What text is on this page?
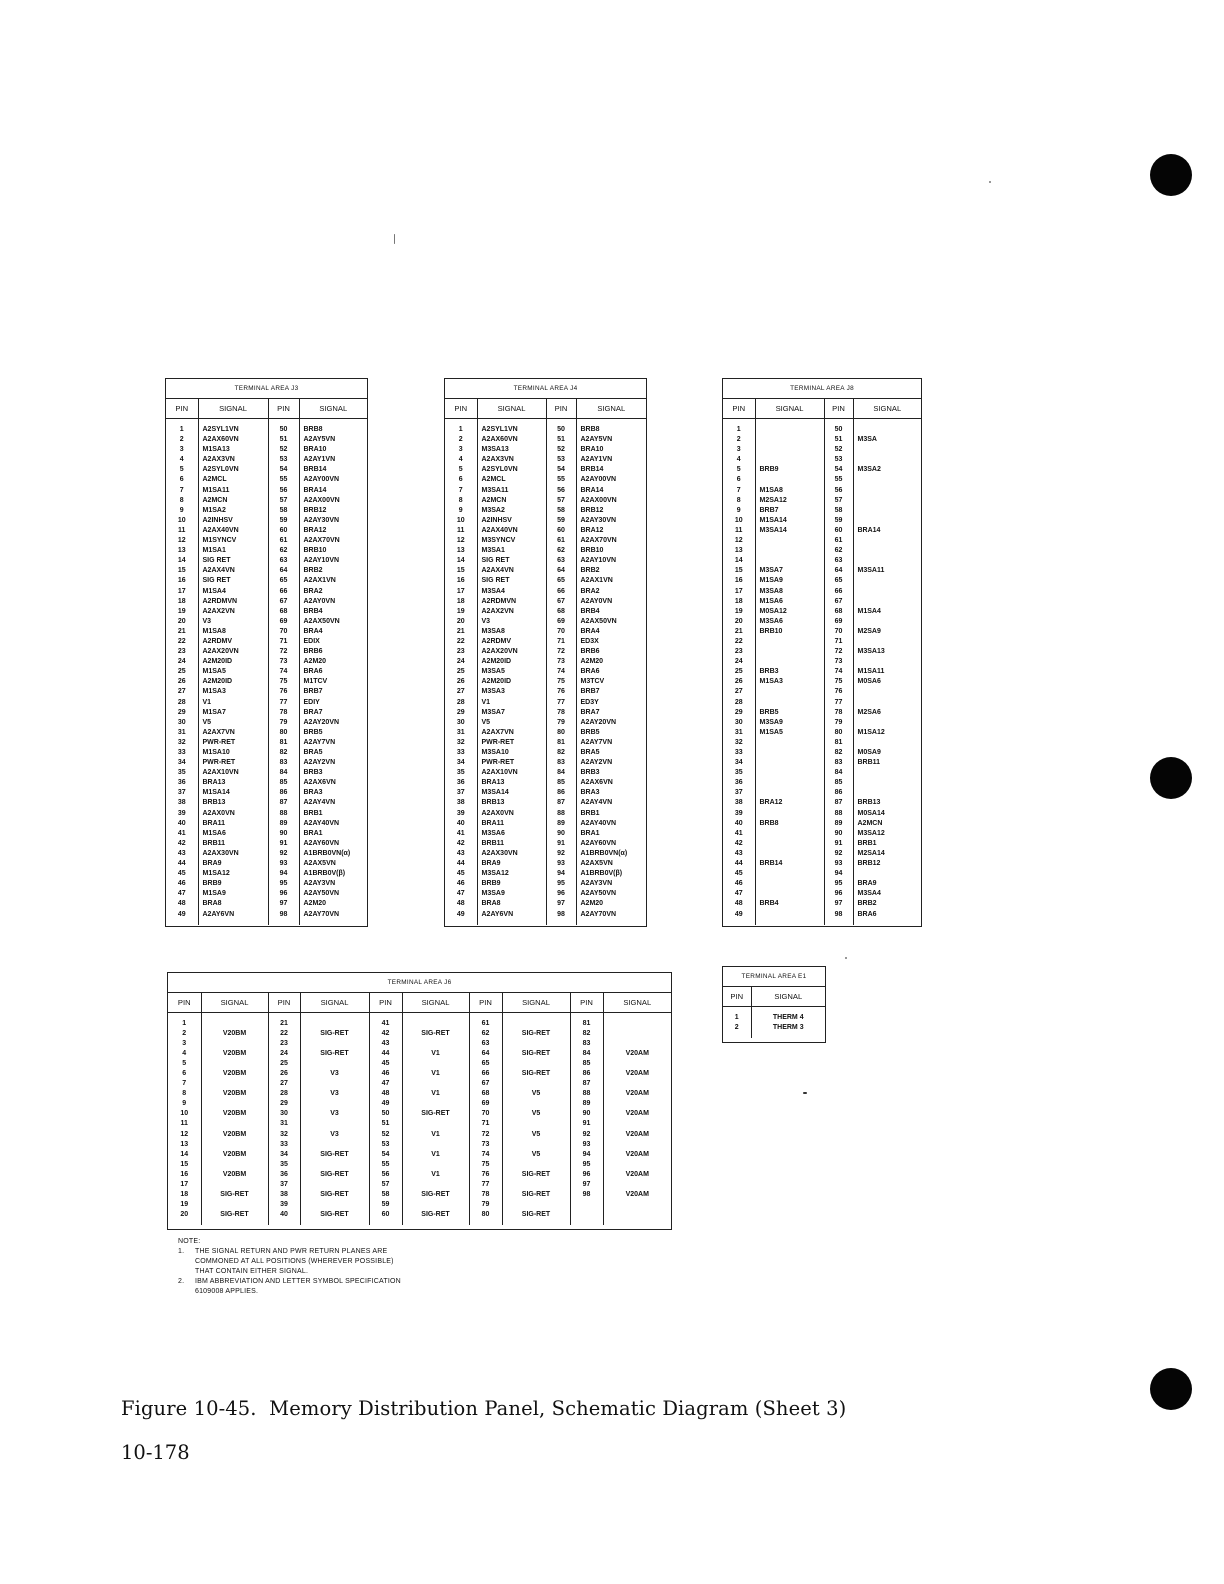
TERMINAL AREA J3			
PIN	SIGNAL	PIN	SIGNAL
1	A2SYL1VN	50	BRB8
2	A2AX60VN	51	A2AY5VN
3	M1SA13	52	BRA10
4	A2AX3VN	53	A2AY1VN
5	A2SYL0VN	54	BRB14
6	A2MCL	55	A2AY00VN
7	M1SA11	56	BRA14
8	A2MCN	57	A2AX00VN
9	M1SA2	58	BRB12
10	A2INHSV	59	A2AY30VN
11	A2AX40VN	60	BRA12
12	M1SYNCV	61	A2AX70VN
13	M1SA1	62	BRB10
14	SIG RET	63	A2AY10VN
15	A2AX4VN	64	BRB2
16	SIG RET	65	A2AX1VN
17	M1SA4	66	BRA2
18	A2RDMVN	67	A2AY0VN
19	A2AX2VN	68	BRB4
20	V3	69	A2AX50VN
21	M1SA8	70	BRA4
22	A2RDMV	71	EDIX
23	A2AX20VN	72	BRB6
24	A2M20ID	73	A2M20
25	M1SA5	74	BRA6
26	A2M20ID	75	M1TCV
27	M1SA3	76	BRB7
28	V1	77	EDIY
29	M1SA7	78	BRA7
30	V5	79	A2AY20VN
31	A2AX7VN	80	BRB5
32	PWR-RET	81	A2AY7VN
33	M1SA10	82	BRA5
34	PWR-RET	83	A2AY2VN
35	A2AX10VN	84	BRB3
36	BRA13	85	A2AX6VN
37	M1SA14	86	BRA3
38	BRB13	87	A2AY4VN
39	A2AX0VN	88	BRB1
40	BRA11	89	A2AY40VN
41	M1SA6	90	BRA1
42	BRB11	91	A2AY60VN
43	A2AX30VN	92	A1BRB0VN(α)
44	BRA9	93	A2AX5VN
45	M1SA12	94	A1BRB0V(β)
46	BRB9	95	A2AY3VN
47	M1SA9	96	A2AY50VN
48	BRA8	97	A2M20
49	A2AY6VN	98	A2AY70VN
TERMINAL AREA J4			
PIN	SIGNAL	PIN	SIGNAL
1	A2SYL1VN	50	BRB8
2	A2AX60VN	51	A2AY5VN
3	M3SA13	52	BRA10
4	A2AX3VN	53	A2AY1VN
5	A2SYL0VN	54	BRB14
6	A2MCL	55	A2AY00VN
7	M3SA11	56	BRA14
8	A2MCN	57	A2AX00VN
9	M3SA2	58	BRB12
10	A2INHSV	59	A2AY30VN
11	A2AX40VN	60	BRA12
12	M3SYNCV	61	A2AX70VN
13	M3SA1	62	BRB10
14	SIG RET	63	A2AY10VN
15	A2AX4VN	64	BRB2
16	SIG RET	65	A2AX1VN
17	M3SA4	66	BRA2
18	A2RDMVN	67	A2AY0VN
19	A2AX2VN	68	BRB4
20	V3	69	A2AX50VN
21	M3SA8	70	BRA4
22	A2RDMV	71	ED3X
23	A2AX20VN	72	BRB6
24	A2M20ID	73	A2M20
25	M3SA5	74	BRA6
26	A2M20ID	75	M3TCV
27	M3SA3	76	BRB7
28	V1	77	ED3Y
29	M3SA7	78	BRA7
30	V5	79	A2AY20VN
31	A2AX7VN	80	BRB5
32	PWR-RET	81	A2AY7VN
33	M3SA10	82	BRA5
34	PWR-RET	83	A2AY2VN
35	A2AX10VN	84	BRB3
36	BRA13	85	A2AX6VN
37	M3SA14	86	BRA3
38	BRB13	87	A2AY4VN
39	A2AX0VN	88	BRB1
40	BRA11	89	A2AY40VN
41	M3SA6	90	BRA1
42	BRB11	91	A2AY60VN
43	A2AX30VN	92	A1BRB0VN(α)
44	BRA9	93	A2AX5VN
45	M3SA12	94	A1BRB0V(β)
46	BRB9	95	A2AY3VN
47	M3SA9	96	A2AY50VN
48	BRA8	97	A2M20
49	A2AY6VN	98	A2AY70VN
TERMINAL AREA J8			
PIN	SIGNAL	PIN	SIGNAL
1		50	
2		51	M3SA
3		52	
4		53	
5	BRB9	54	M3SA2
6		55	
7	M1SA8	56	
8	M2SA12	57	
9	BRB7	58	
10	M1SA14	59	
11	M3SA14	60	BRA14
12		61	
13		62	
14		63	
15	M3SA7	64	M3SA11
16	M1SA9	65	
17	M3SA8	66	
18	M1SA6	67	
19	M0SA12	68	M1SA4
20	M3SA6	69	
21	BRB10	70	M2SA9
22		71	
23		72	M3SA13
24		73	
25	BRB3	74	M1SA11
26	M1SA3	75	M0SA6
27		76	
28		77	
29	BRB5	78	M2SA6
30	M3SA9	79	
31	M1SA5	80	M1SA12
32		81	
33		82	M0SA9
34		83	BRB11
35		84	
36		85	
37		86	
38	BRA12	87	BRB13
39		88	M0SA14
40	BRB8	89	A2MCN
41		90	M3SA12
42		91	BRB1
43		92	M2SA14
44	BRB14	93	BRB12
45		94	
46		95	BRA9
47		96	M3SA4
48	BRB4	97	BRB2
49		98	BRA6
TERMINAL AREA J6									
PIN	SIGNAL	PIN	SIGNAL	PIN	SIGNAL	PIN	SIGNAL	PIN	SIGNAL
1		21		41		61		81	
2	V20BM	22	SIG-RET	42	SIG-RET	62	SIG-RET	82	
3		23		43		63		83	
4	V20BM	24	SIG-RET	44	V1	64	SIG-RET	84	V20AM
5		25		45		65		85	
6	V20BM	26	V3	46	V1	66	SIG-RET	86	V20AM
7		27		47		67		87	
8	V20BM	28	V3	48	V1	68	V5	88	V20AM
9		29		49		69		89	
10	V20BM	30	V3	50	SIG-RET	70	V5	90	V20AM
11		31		51		71		91	
12	V20BM	32	V3	52	V1	72	V5	92	V20AM
13		33		53		73		93	
14	V20BM	34	SIG-RET	54	V1	74	V5	94	V20AM
15		35		55		75		95	
16	V20BM	36	SIG-RET	56	V1	76	SIG-RET	96	V20AM
17		37		57		77		97	
18	SIG-RET	38	SIG-RET	58	SIG-RET	78	SIG-RET	98	V20AM
19		39		59		79			
20	SIG-RET	40	SIG-RET	60	SIG-RET	80	SIG-RET		
TERMINAL AREA E1	
PIN	SIGNAL
1	THERM 4
2	THERM 3
NOTE:
1. THE SIGNAL RETURN AND PWR RETURN PLANES ARE
COMMONED AT ALL POSITIONS (WHEREVER POSSIBLE)
THAT CONTAIN EITHER SIGNAL.
2. IBM ABBREVIATION AND LETTER SYMBOL SPECIFICATION
6109008 APPLIES.
Figure 10-45.  Memory Distribution Panel, Schematic Diagram (Sheet 3)
10-178
